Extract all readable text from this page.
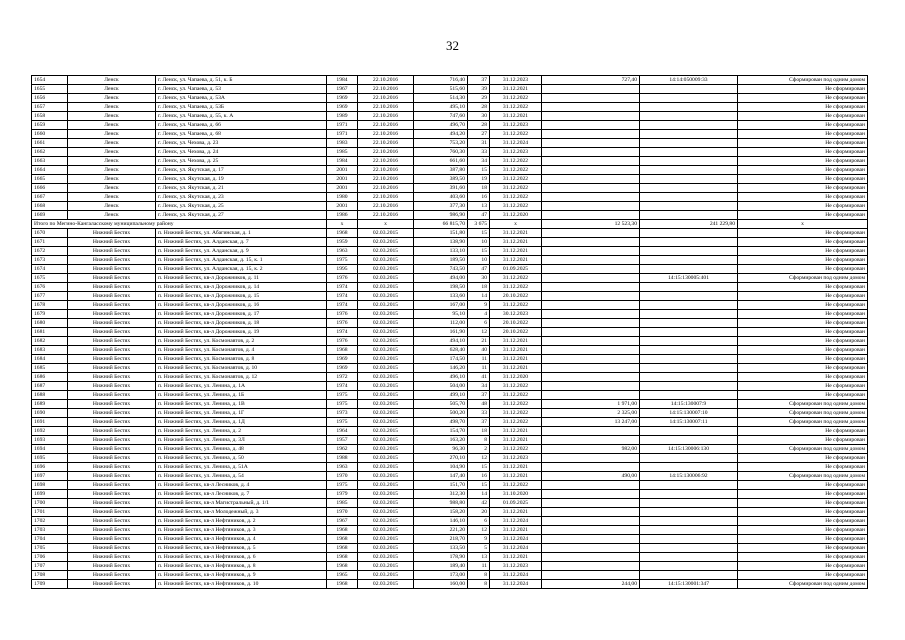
32
1654	Ленск	г. Ленск, ул. Чапаева, д. 51, к. Б	1984	22.10.2016	716,40	37	31.12.2023	727,40	14:14:050009:33	Сформирован под одним домом	
1655	Ленск	г. Ленск, ул. Чапаева, д. 53	1967	22.10.2016	515,60	39	31.12.2021			Не сформирован	
1656	Ленск	г. Ленск, ул. Чапаева, д. 53А	1969	22.10.2016	514,30	29	31.12.2022			Не сформирован	
1657	Ленск	г. Ленск, ул. Чапаева, д. 53Б	1969	22.10.2016	495,10	28	31.12.2022			Не сформирован	
1658	Ленск	г. Ленск, ул. Чапаева, д. 55, к. А	1989	22.10.2016	747,60	30	31.12.2021			Не сформирован	
1659	Ленск	г. Ленск, ул. Чапаева, д. 66	1971	22.10.2016	496,70	28	31.12.2023			Не сформирован	
1660	Ленск	г. Ленск, ул. Чапаева, д. 68	1971	22.10.2016	494,20	27	31.12.2022			Не сформирован	
1661	Ленск	г. Ленск, ул. Чехова, д. 23	1983	22.10.2016	753,20	31	31.12.2024			Не сформирован	
1662	Ленск	г. Ленск, ул. Чехова, д. 24	1985	22.10.2016	760,30	33	31.12.2023			Не сформирован	
1663	Ленск	г. Ленск, ул. Чехова, д. 25	1984	22.10.2016	661,60	34	31.12.2022			Не сформирован	
1664	Ленск	г. Ленск, ул. Якутская, д. 17	2001	22.10.2016	387,80	15	31.12.2022			Не сформирован	
1665	Ленск	г. Ленск, ул. Якутская, д. 19	2001	22.10.2016	389,50	19	31.12.2022			Не сформирован	
1666	Ленск	г. Ленск, ул. Якутская, д. 21	2001	22.10.2016	391,60	18	31.12.2022			Не сформирован	
1667	Ленск	г. Ленск, ул. Якутская, д. 23	1980	22.10.2016	403,60	16	31.12.2022			Не сформирован	
1668	Ленск	г. Ленск, ул. Якутская, д. 25	2001	22.10.2016	377,30	13	31.12.2022			Не сформирован	
1669	Ленск	г. Ленск, ул. Якутская, д. 27	1986	22.10.2016	986,90	47	31.12.2020			Не сформирован	
Итого по Мегино-Кангаласскому муниципальному району			x	x	66 815,70	3 675	x	12 523,30	241 229,80	x	
1670	Нижний Бестях	п. Нижний Бестях, ул. Абагинская, д. 1	1968	02.03.2015	151,80	15	31.12.2021			Не сформирован	
1671	Нижний Бестях	п. Нижний Бестях, ул. Алданская, д. 7	1959	02.03.2015	138,90	10	31.12.2021			Не сформирован	
1672	Нижний Бестях	п. Нижний Бестях, ул. Алданская, д. 9	1963	02.03.2015	133,10	15	31.12.2021			Не сформирован	
1673	Нижний Бестях	п. Нижний Бестях, ул. Алданская, д. 15, к. 1	1975	02.03.2015	189,50	10	31.12.2021			Не сформирован	
1674	Нижний Бестях	п. Нижний Бестях, ул. Алданская, д. 15, к. 2	1995	02.03.2015	743,50	47	01.09.2025			Не сформирован	
1675	Нижний Бестях	п. Нижний Бестях, кв-л Дорожников, д. 11	1976	02.03.2015	494,00	30	31.12.2022		14:15:130005:401	Сформирован под одним домом	
1676	Нижний Бестях	п. Нижний Бестях, кв-л Дорожников, д. 14	1974	02.03.2015	198,50	18	31.12.2022			Не сформирован	
1677	Нижний Бестях	п. Нижний Бестях, кв-л Дорожников, д. 15	1974	02.03.2015	133,60	14	20.10.2022			Не сформирован	
1678	Нижний Бестях	п. Нижний Бестях, кв-л Дорожников, д. 16	1974	02.03.2015	167,00	9	31.12.2022			Не сформирован	
1679	Нижний Бестях	п. Нижний Бестях, кв-л Дорожников, д. 17	1976	02.03.2015	95,10	4	30.12.2023			Не сформирован	
1680	Нижний Бестях	п. Нижний Бестях, кв-л Дорожников, д. 18	1976	02.03.2015	112,00	6	20.10.2022			Не сформирован	
1681	Нижний Бестях	п. Нижний Бестях, кв-л Дорожников, д. 19	1974	02.03.2015	161,90	12	20.10.2022			Не сформирован	
1682	Нижний Бестях	п. Нижний Бестях, ул. Космонавтов, д. 2	1976	02.03.2015	494,10	21	31.12.2021			Не сформирован	
1683	Нижний Бестях	п. Нижний Бестях, ул. Космонавтов, д. 4	1968	02.03.2015	628,40	40	31.12.2021			Не сформирован	
1684	Нижний Бестях	п. Нижний Бестях, ул. Космонавтов, д. 8	1969	02.03.2015	174,50	11	31.12.2021			Не сформирован	
1685	Нижний Бестях	п. Нижний Бестях, ул. Космонавтов, д. 10	1969	02.03.2015	146,20	11	31.12.2021			Не сформирован	
1686	Нижний Бестях	п. Нижний Бестях, ул. Космонавтов, д. 12	1972	02.03.2015	496,10	41	31.12.2020			Не сформирован	
1687	Нижний Бестях	п. Нижний Бестях, ул. Ленина, д. 1А	1974	02.03.2015	504,00	34	31.12.2022			Не сформирован	
1688	Нижний Бестях	п. Нижний Бестях, ул. Ленина, д. 1Б	1975	02.03.2015	499,10	37	31.12.2022			Не сформирован	
1689	Нижний Бестях	п. Нижний Бестях, ул. Ленина, д. 1В	1975	02.03.2015	505,70	48	31.12.2022	1 971,00	14:15:130007:9	Сформирован под одним домом	
1690	Нижний Бестях	п. Нижний Бестях, ул. Ленина, д. 1Г	1973	02.03.2015	500,20	33	31.12.2022	2 325,00	14:15:130007:10	Сформирован под одним домом	
1691	Нижний Бестях	п. Нижний Бестях, ул. Ленина, д. 1Д	1975	02.03.2015	498,70	37	31.12.2022	13 247,00	14:15:130007:11	Сформирован под одним домом	
1692	Нижний Бестях	п. Нижний Бестях, ул. Ленина, д. 2	1964	02.03.2015	154,70	18	31.12.2021			Не сформирован	
1693	Нижний Бестях	п. Нижний Бестях, ул. Ленина, д. 3Л	1957	02.03.2015	163,20	8	31.12.2021			Не сформирован	
1694	Нижний Бестях	п. Нижний Бестях, ул. Ленина, д. 48	1962	02.03.2015	96,30	2	31.12.2022	982,00	14:15:130006:130	Сформирован под одним домом	
1695	Нижний Бестях	п. Нижний Бестях, ул. Ленина, д. 50	1988	02.03.2015	270,10	12	31.12.2023			Не сформирован	
1696	Нижний Бестях	п. Нижний Бестях, ул. Ленина, д. 51А	1963	02.03.2015	104,90	15	31.12.2021			Не сформирован	
1697	Нижний Бестях	п. Нижний Бестях, ул. Ленина, д. 54	1970	02.03.2015	147,40	16	31.12.2021	490,00	14:15:130006:92	Сформирован под одним домом	
1698	Нижний Бестях	п. Нижний Бестях, кв-л Лесников, д. 4	1975	02.03.2015	151,70	15	31.12.2022			Не сформирован	
1699	Нижний Бестях	п. Нижний Бестях, кв-л Лесников, д. 7	1979	02.03.2015	312,30	14	31.10.2020			Не сформирован	
1700	Нижний Бестях	п. Нижний Бестях, кв-л Магистральный, д. 1/1	1985	02.03.2015	988,80	42	01.09.2025			Не сформирован	
1701	Нижний Бестях	п. Нижний Бестях, кв-л Молодежный, д. 3	1970	02.03.2015	158,20	20	31.12.2021			Не сформирован	
1702	Нижний Бестях	п. Нижний Бестях, кв-л Нефтяников, д. 2	1967	02.03.2015	146,10	6	31.12.2024			Не сформирован	
1703	Нижний Бестях	п. Нижний Бестях, кв-л Нефтяников, д. 3	1968	02.03.2015	221,20	12	31.12.2021			Не сформирован	
1704	Нижний Бестях	п. Нижний Бестях, кв-л Нефтяников, д. 4	1968	02.03.2015	218,70	9	31.12.2024			Не сформирован	
1705	Нижний Бестях	п. Нижний Бестях, кв-л Нефтяников, д. 5	1968	02.03.2015	133,50	5	31.12.2024			Не сформирован	
1706	Нижний Бестях	п. Нижний Бестях, кв-л Нефтяников, д. 6	1968	02.03.2015	178,90	13	31.12.2021			Не сформирован	
1707	Нижний Бестях	п. Нижний Бестях, кв-л Нефтяников, д. 8	1968	02.03.2015	189,40	11	31.12.2023			Не сформирован	
1708	Нижний Бестях	п. Нижний Бестях, кв-л Нефтяников, д. 9	1965	02.03.2015	173,00	8	31.12.2024			Не сформирован	
1709	Нижний Бестях	п. Нижний Бестях, кв-л Нефтяников, д. 10	1968	02.03.2015	160,00	8	31.12.2024	244,00	14:15:130001:347	Сформирован под одним домом	
